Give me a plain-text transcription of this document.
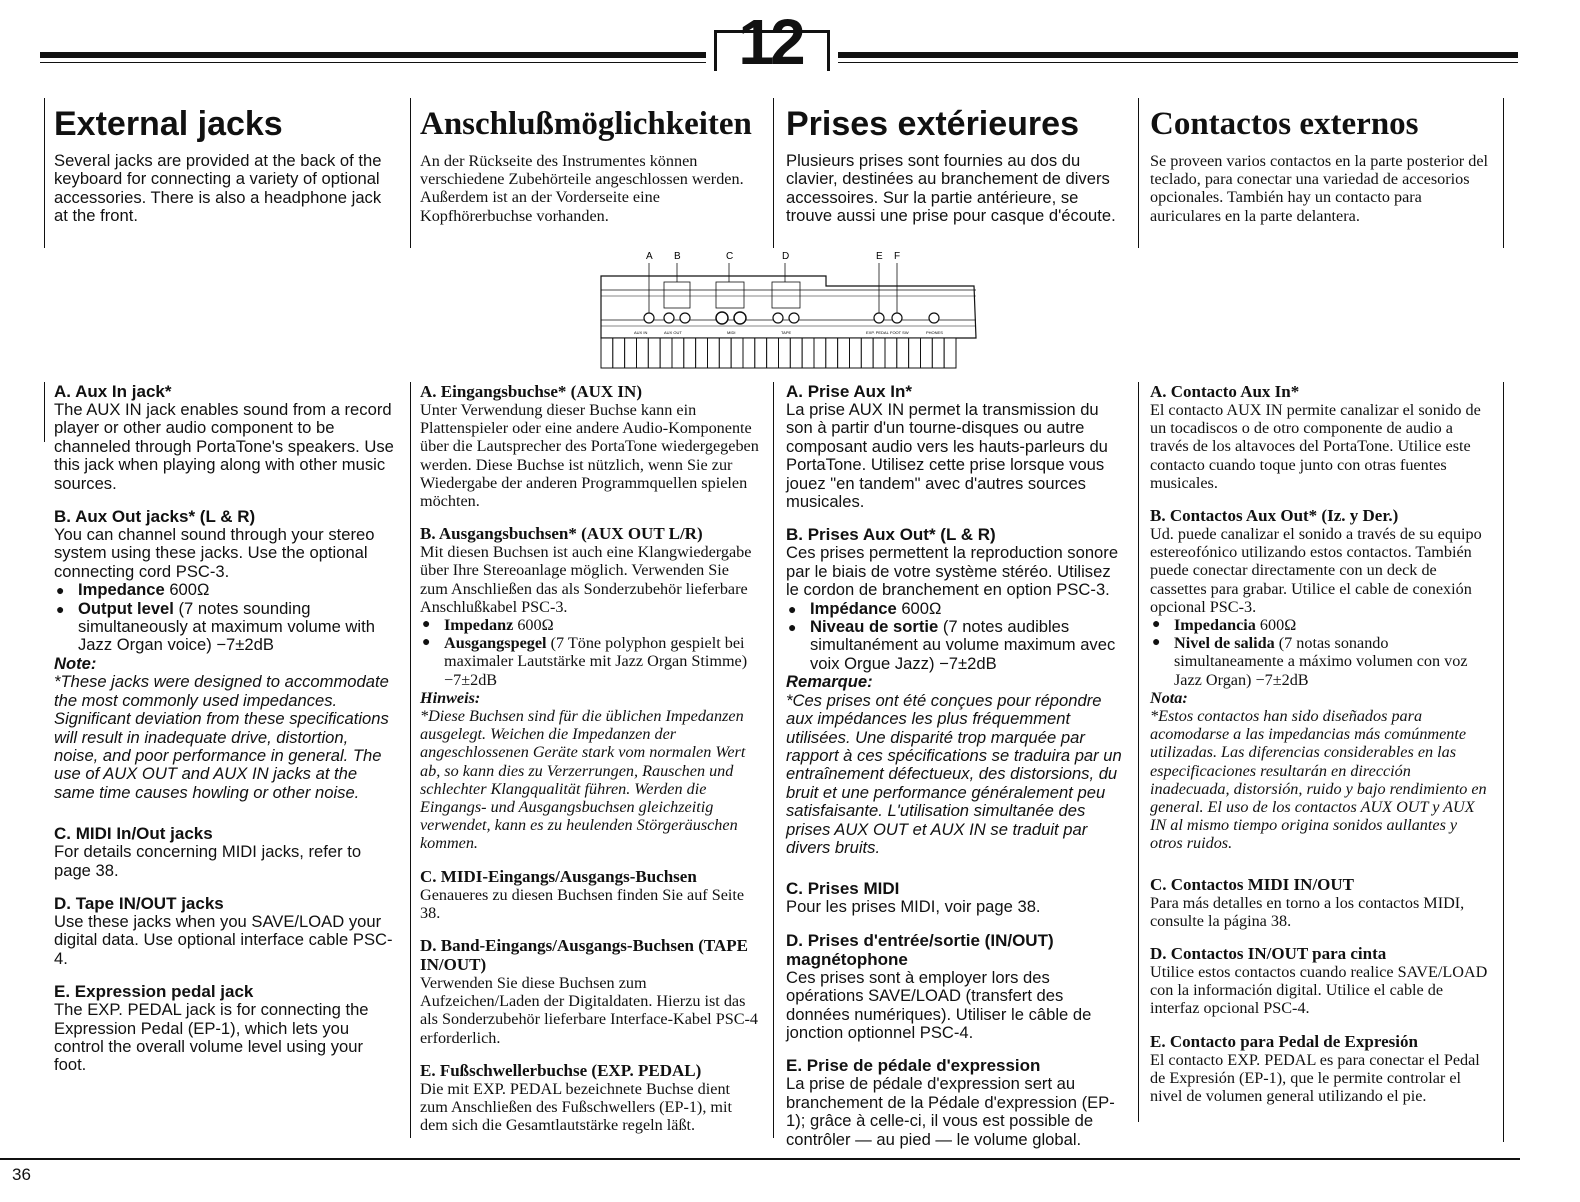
12
External jacks

Several jacks are provided at the back of the keyboard for connecting a variety of optional accessories. There is also a headphone jack at the front.

Anschlußmöglichkeiten

An der Rückseite des Instrumentes können verschiedene Zubehörteile angeschlossen werden. Außerdem ist an der Vorderseite eine Kopfhörerbuchse vorhanden.

Prises extérieures

Plusieurs prises sont fournies au dos du clavier, destinées au branchement de divers accessoires. Sur la partie antérieure, se trouve aussi une prise pour casque d'écoute.

Contactos externos

Se proveen varios contactos en la parte posterior del teclado, para conectar una variedad de accesorios opcionales. También hay un contacto para auriculares en la parte delantera.

A B	C	D	E F
AUX IN	AUX OUT	MIDI	TAPE	EXP. PEDAL FOOT SW	PHONES
A. Aux In jack*

The AUX IN jack enables sound from a record player or other audio component to be channeled through PortaTone's speakers. Use this jack when playing along with other music sources.

B. Aux Out jacks* (L & R)

You can channel sound through your stereo system using these jacks. Use the optional connecting cord PSC-3.

● Impedance 600Ω
● Output level (7 notes sounding simultaneously at maximum volume with Jazz Organ voice) −7±2dB

Note:

*These jacks were designed to accommodate the most commonly used impedances. Significant deviation from these specifications will result in inadequate drive, distortion, noise, and poor performance in general. The use of AUX OUT and AUX IN jacks at the same time causes howling or other noise.

C. MIDI In/Out jacks

For details concerning MIDI jacks, refer to page 38.

D. Tape IN/OUT jacks

Use these jacks when you SAVE/LOAD your digital data. Use optional interface cable PSC-4.

E. Expression pedal jack

The EXP. PEDAL jack is for connecting the Expression Pedal (EP-1), which lets you control the overall volume level using your foot.

A. Eingangsbuchse* (AUX IN)

Unter Verwendung dieser Buchse kann ein Plattenspieler oder eine andere Audio-Komponente über die Lautsprecher des PortaTone wiedergegeben werden. Diese Buchse ist nützlich, wenn Sie zur Wiedergabe der anderen Programmquellen spielen möchten.

B. Ausgangsbuchsen* (AUX OUT L/R)

Mit diesen Buchsen ist auch eine Klangwiedergabe über Ihre Stereoanlage möglich. Verwenden Sie zum Anschließen das als Sonderzubehör lieferbare Anschlußkabel PSC-3.

● Impedanz 600Ω
● Ausgangspegel (7 Töne polyphon gespielt bei maximaler Lautstärke mit Jazz Organ Stimme) −7±2dB

Hinweis:

*Diese Buchsen sind für die üblichen Impedanzen ausgelegt. Weichen die Impedanzen der angeschlossenen Geräte stark vom normalen Wert ab, so kann dies zu Verzerrungen, Rauschen und schlechter Klangqualität führen. Werden die Eingangs- und Ausgangsbuchsen gleichzeitig verwendet, kann es zu heulenden Störgeräuschen kommen.

C. MIDI-Eingangs/Ausgangs-Buchsen

Genaueres zu diesen Buchsen finden Sie auf Seite 38.

D. Band-Eingangs/Ausgangs-Buchsen (TAPE IN/OUT)

Verwenden Sie diese Buchsen zum Aufzeichen/Laden der Digitaldaten. Hierzu ist das als Sonderzubehör lieferbare Interface-Kabel PSC-4 erforderlich.

E. Fußschwellerbuchse (EXP. PEDAL)

Die mit EXP. PEDAL bezeichnete Buchse dient zum Anschließen des Fußschwellers (EP-1), mit dem sich die Gesamtlautstärke regeln läßt.

A. Prise Aux In*

La prise AUX IN permet la transmission du son à partir d'un tourne-disques ou autre composant audio vers les hauts-parleurs du PortaTone. Utilisez cette prise lorsque vous jouez "en tandem" avec d'autres sources musicales.

B. Prises Aux Out* (L & R)

Ces prises permettent la reproduction sonore par le biais de votre système stéréo. Utilisez le cordon de branchement en option PSC-3.

● Impédance 600Ω
● Niveau de sortie (7 notes audibles simultanément au volume maximum avec voix Orgue Jazz) −7±2dB

Remarque:

*Ces prises ont été conçues pour répondre aux impédances les plus fréquemment utilisées. Une disparité trop marquée par rapport à ces spécifications se traduira par un entraînement défectueux, des distorsions, du bruit et une performance généralement peu satisfaisante. L'utilisation simultanée des prises AUX OUT et AUX IN se traduit par divers bruits.

C. Prises MIDI

Pour les prises MIDI, voir page 38.

D. Prises d'entrée/sortie (IN/OUT) magnétophone

Ces prises sont à employer lors des opérations SAVE/LOAD (transfert des données numériques). Utiliser le câble de jonction optionnel PSC-4.

E. Prise de pédale d'expression

La prise de pédale d'expression sert au branchement de la Pédale d'expression (EP-1); grâce à celle-ci, il vous est possible de contrôler — au pied — le volume global.

A. Contacto Aux In*

El contacto AUX IN permite canalizar el sonido de un tocadiscos o de otro componente de audio a través de los altavoces del PortaTone. Utilice este contacto cuando toque junto con otras fuentes musicales.

B. Contactos Aux Out* (Iz. y Der.)

Ud. puede canalizar el sonido a través de su equipo estereofónico utilizando estos contactos. También puede conectar directamente con un deck de cassettes para grabar. Utilice el cable de conexión opcional PSC-3.

● Impedancia 600Ω
● Nivel de salida (7 notas sonando simultaneamente a máximo volumen con voz Jazz Organ) −7±2dB

Nota:

*Estos contactos han sido diseñados para acomodarse a las impedancias más comúnmente utilizadas. Las diferencias considerables en las especificaciones resultarán en dirección inadecuada, distorsión, ruido y bajo rendimiento en general. El uso de los contactos AUX OUT y AUX IN al mismo tiempo origina sonidos aullantes y otros ruidos.

C. Contactos MIDI IN/OUT

Para más detalles en torno a los contactos MIDI, consulte la página 38.

D. Contactos IN/OUT para cinta

Utilice estos contactos cuando realice SAVE/LOAD con la información digital. Utilice el cable de interfaz opcional PSC-4.

E. Contacto para Pedal de Expresión

El contacto EXP. PEDAL es para conectar el Pedal de Expresión (EP-1), que le permite controlar el nivel de volumen general utilizando el pie.

36
